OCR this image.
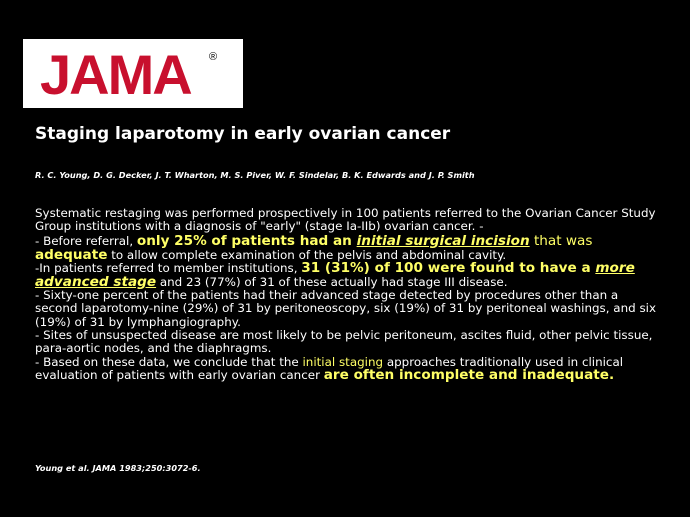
JAMA ®
Staging laparotomy in early ovarian cancer
R. C. Young, D. G. Decker, J. T. Wharton, M. S. Piver, W. F. Sindelar, B. K. Edwards and J. P. Smith

Systematic restaging was performed prospectively in 100 patients referred to the Ovarian Cancer Study Group institutions with a diagnosis of "early" (stage Ia-IIb) ovarian cancer. -

- Before referral, only 25% of patients had an initial surgical incision that was adequate to allow complete examination of the pelvis and abdominal cavity.

-In patients referred to member institutions, 31 (31%) of 100 were found to have a more advanced stage and 23 (77%) of 31 of these actually had stage III disease.

- Sixty-one percent of the patients had their advanced stage detected by procedures other than a second laparotomy-nine (29%) of 31 by peritoneoscopy, six (19%) of 31 by peritoneal washings, and six (19%) of 31 by lymphangiography.

- Sites of unsuspected disease are most likely to be pelvic peritoneum, ascites fluid, other pelvic tissue, para-aortic nodes, and the diaphragms.

- Based on these data, we conclude that the initial staging approaches traditionally used in clinical evaluation of patients with early ovarian cancer are often incomplete and inadequate.

Young et al. JAMA 1983;250:3072-6.
